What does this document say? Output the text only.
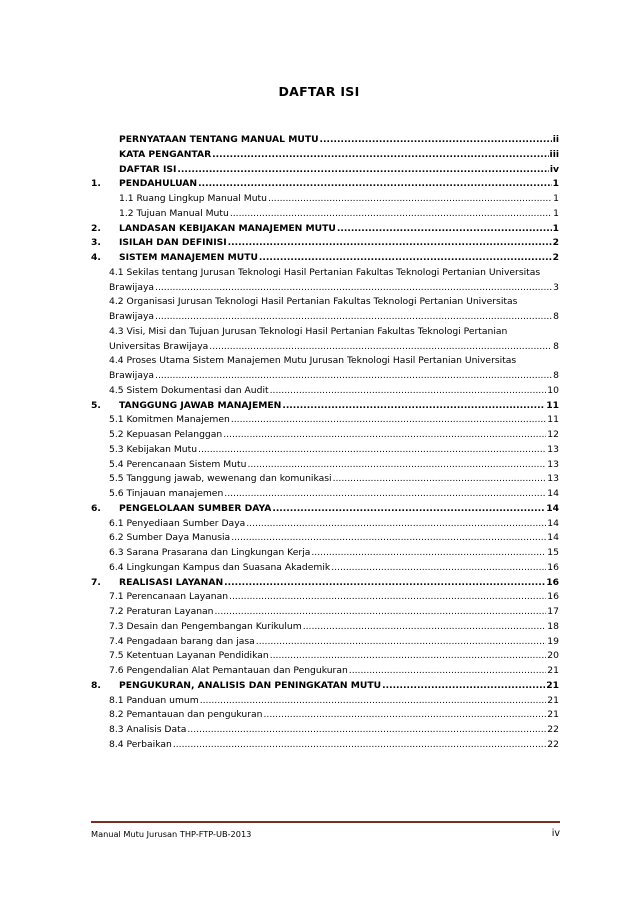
DAFTAR ISI
PERNYATAAN TENTANG MANUAL MUTU .....	ii
KATA PENGANTAR .....	iii
DAFTAR ISI .....	iv
1.	PENDAHULUAN .....	1
1.1 Ruang Lingkup Manual Mutu .....	1
1.2 Tujuan Manual Mutu .....	1
2.	LANDASAN KEBIJAKAN MANAJEMEN MUTU .....	1
3.	ISILAH DAN DEFINISI .....	2
4.	SISTEM MANAJEMEN MUTU .....	2
4.1 Sekilas tentang Jurusan Teknologi Hasil Pertanian Fakultas Teknologi Pertanian Universitas
Brawijaya .....	3
4.2 Organisasi Jurusan Teknologi Hasil Pertanian Fakultas Teknologi Pertanian Universitas
Brawijaya .....	8
4.3 Visi, Misi dan Tujuan Jurusan Teknologi Hasil Pertanian Fakultas Teknologi Pertanian
Universitas Brawijaya .....	8
4.4 Proses Utama Sistem Manajemen Mutu Jurusan Teknologi Hasil Pertanian Universitas
Brawijaya .....	8
4.5 Sistem Dokumentasi dan Audit .....	10
5.	TANGGUNG JAWAB MANAJEMEN .....	11
5.1 Komitmen Manajemen .....	11
5.2 Kepuasan Pelanggan .....	12
5.3 Kebijakan Mutu .....	13
5.4 Perencanaan Sistem Mutu .....	13
5.5 Tanggung jawab, wewenang dan komunikasi .....	13
5.6 Tinjauan manajemen .....	14
6.	PENGELOLAAN SUMBER DAYA .....	14
6.1 Penyediaan Sumber Daya .....	14
6.2 Sumber Daya Manusia .....	14
6.3 Sarana Prasarana dan Lingkungan Kerja .....	15
6.4 Lingkungan Kampus dan Suasana Akademik .....	16
7.	REALISASI LAYANAN .....	16
7.1 Perencanaan Layanan .....	16
7.2 Peraturan Layanan .....	17
7.3 Desain dan Pengembangan Kurikulum .....	18
7.4 Pengadaan barang dan jasa .....	19
7.5 Ketentuan Layanan Pendidikan .....	20
7.6 Pengendalian Alat Pemantauan dan Pengukuran .....	21
8.	PENGUKURAN, ANALISIS DAN PENINGKATAN MUTU .....	21
8.1 Panduan umum .....	21
8.2 Pemantauan dan pengukuran .....	21
8.3 Analisis Data .....	22
8.4 Perbaikan .....	22
Manual Mutu Jurusan THP-FTP-UB-2013	iv
